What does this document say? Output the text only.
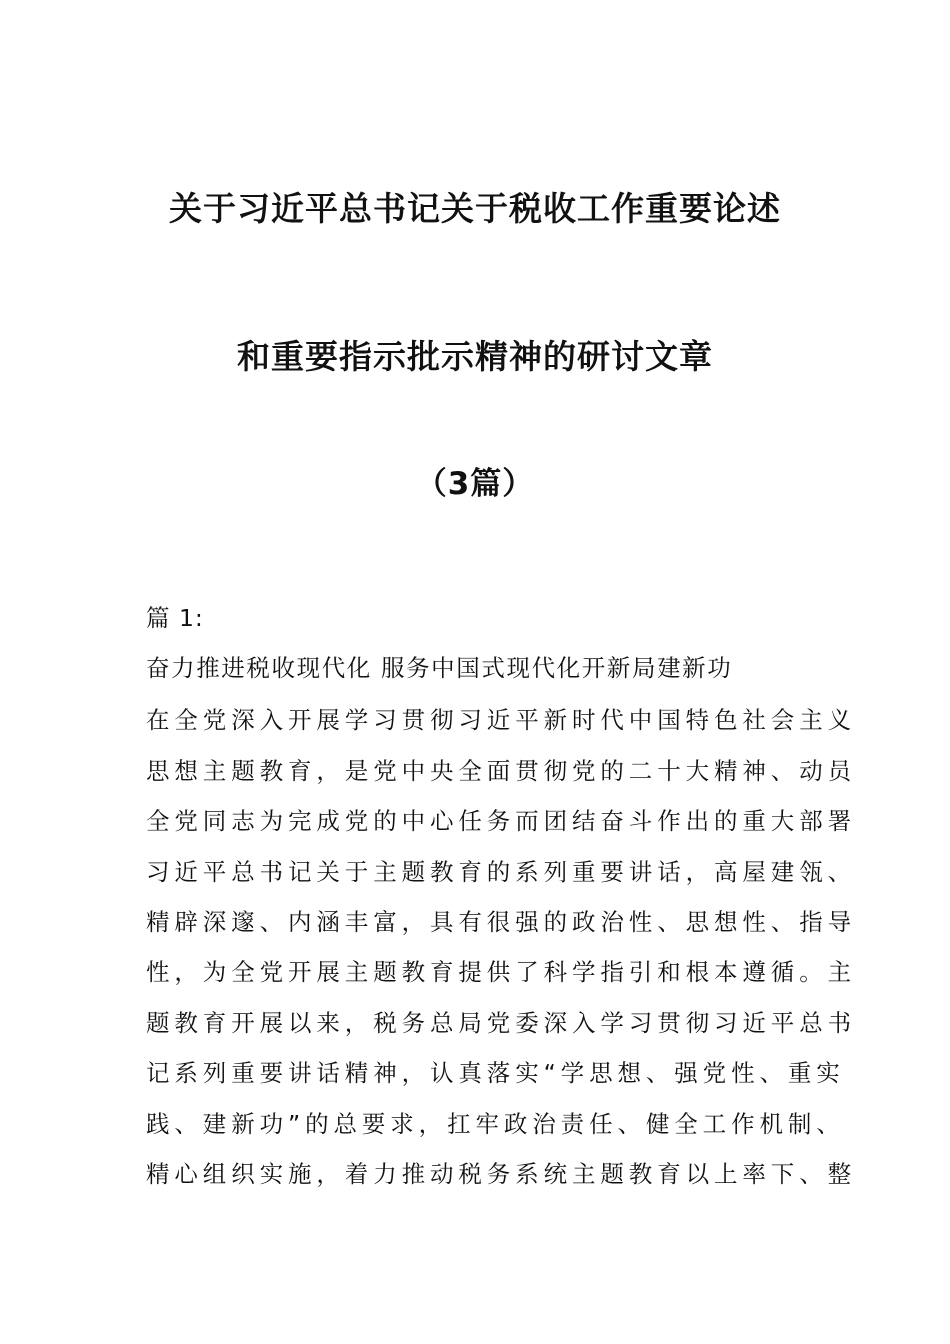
关于习近平总书记关于税收工作重要论述
和重要指示批示精神的研讨文章
（3篇）
篇 1:
奋力推进税收现代化 服务中国式现代化开新局建新功
在全党深入开展学习贯彻习近平新时代中国特色社会主义
思想主题教育，是党中央全面贯彻党的二十大精神、动员
全党同志为完成党的中心任务而团结奋斗作出的重大部署
习近平总书记关于主题教育的系列重要讲话，高屋建瓴、
精辟深邃、内涵丰富，具有很强的政治性、思想性、指导
性，为全党开展主题教育提供了科学指引和根本遵循。主
题教育开展以来，税务总局党委深入学习贯彻习近平总书
记系列重要讲话精神，认真落实“学思想、强党性、重实
践、建新功”的总要求，扛牢政治责任、健全工作机制、
精心组织实施，着力推动税务系统主题教育以上率下、整
